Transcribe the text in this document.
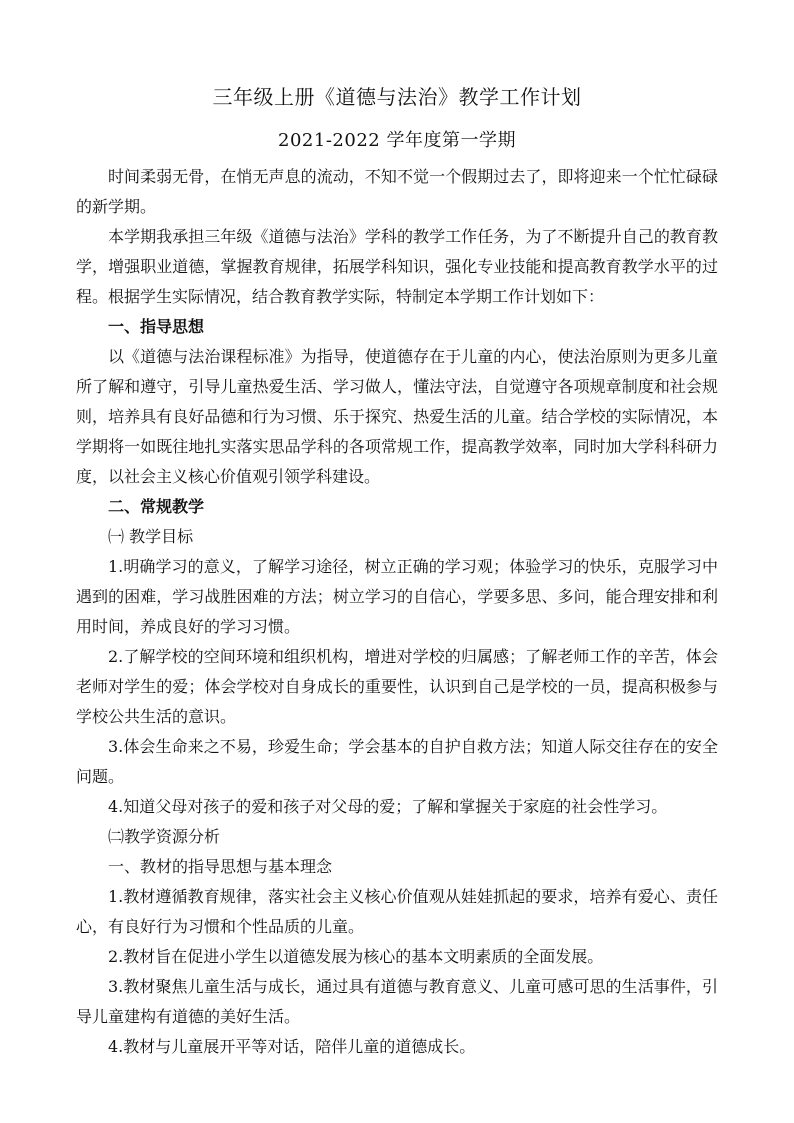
三年级上册《道德与法治》教学工作计划
2021-2022 学年度第一学期

时间柔弱无骨，在悄无声息的流动，不知不觉一个假期过去了，即将迎来一个忙忙碌碌的新学期。

本学期我承担三年级《道德与法治》学科的教学工作任务，为了不断提升自己的教育教学，增强职业道德，掌握教育规律，拓展学科知识，强化专业技能和提高教育教学水平的过程。根据学生实际情况，结合教育教学实际，特制定本学期工作计划如下：

一、指导思想

以《道德与法治课程标准》为指导，使道德存在于儿童的内心，使法治原则为更多儿童所了解和遵守，引导儿童热爱生活、学习做人，懂法守法，自觉遵守各项规章制度和社会规则，培养具有良好品德和行为习惯、乐于探究、热爱生活的儿童。结合学校的实际情况，本学期将一如既往地扎实落实思品学科的各项常规工作，提高教学效率，同时加大学科科研力度，以社会主义核心价值观引领学科建设。

二、常规教学

㈠ 教学目标

1.明确学习的意义，了解学习途径，树立正确的学习观；体验学习的快乐，克服学习中遇到的困难，学习战胜困难的方法；树立学习的自信心，学要多思、多问，能合理安排和利用时间，养成良好的学习习惯。

2.了解学校的空间环境和组织机构，增进对学校的归属感；了解老师工作的辛苦，体会老师对学生的爱；体会学校对自身成长的重要性，认识到自己是学校的一员，提高积极参与学校公共生活的意识。

3.体会生命来之不易，珍爱生命；学会基本的自护自救方法；知道人际交往存在的安全问题。

4.知道父母对孩子的爱和孩子对父母的爱；了解和掌握关于家庭的社会性学习。

㈡教学资源分析

一、教材的指导思想与基本理念

1.教材遵循教育规律，落实社会主义核心价值观从娃娃抓起的要求，培养有爱心、责任心，有良好行为习惯和个性品质的儿童。

2.教材旨在促进小学生以道德发展为核心的基本文明素质的全面发展。

3.教材聚焦儿童生活与成长，通过具有道德与教育意义、儿童可感可思的生活事件，引导儿童建构有道德的美好生活。

4.教材与儿童展开平等对话，陪伴儿童的道德成长。
